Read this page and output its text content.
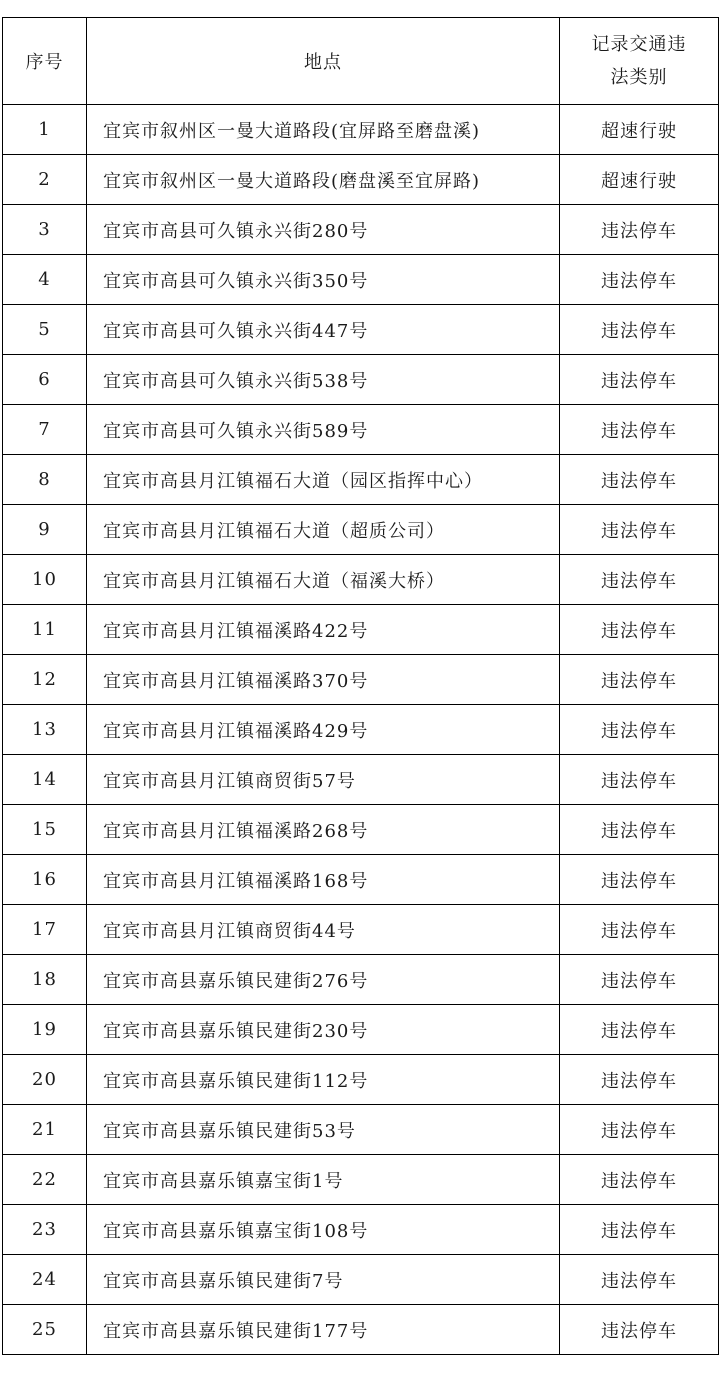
序号	地点	记录交通违
法类别

1	宜宾市叙州区一曼大道路段(宜屏路至磨盘溪)	超速行驶
2	宜宾市叙州区一曼大道路段(磨盘溪至宜屏路)	超速行驶
3	宜宾市高县可久镇永兴街280号	违法停车
4	宜宾市高县可久镇永兴街350号	违法停车
5	宜宾市高县可久镇永兴街447号	违法停车
6	宜宾市高县可久镇永兴街538号	违法停车
7	宜宾市高县可久镇永兴街589号	违法停车
8	宜宾市高县月江镇福石大道（园区指挥中心）	违法停车
9	宜宾市高县月江镇福石大道（超质公司）	违法停车
10	宜宾市高县月江镇福石大道（福溪大桥）	违法停车
11	宜宾市高县月江镇福溪路422号	违法停车
12	宜宾市高县月江镇福溪路370号	违法停车
13	宜宾市高县月江镇福溪路429号	违法停车
14	宜宾市高县月江镇商贸街57号	违法停车
15	宜宾市高县月江镇福溪路268号	违法停车
16	宜宾市高县月江镇福溪路168号	违法停车
17	宜宾市高县月江镇商贸街44号	违法停车
18	宜宾市高县嘉乐镇民建街276号	违法停车
19	宜宾市高县嘉乐镇民建街230号	违法停车
20	宜宾市高县嘉乐镇民建街112号	违法停车
21	宜宾市高县嘉乐镇民建街53号	违法停车
22	宜宾市高县嘉乐镇嘉宝街1号	违法停车
23	宜宾市高县嘉乐镇嘉宝街108号	违法停车
24	宜宾市高县嘉乐镇民建街7号	违法停车
25	宜宾市高县嘉乐镇民建街177号	违法停车
